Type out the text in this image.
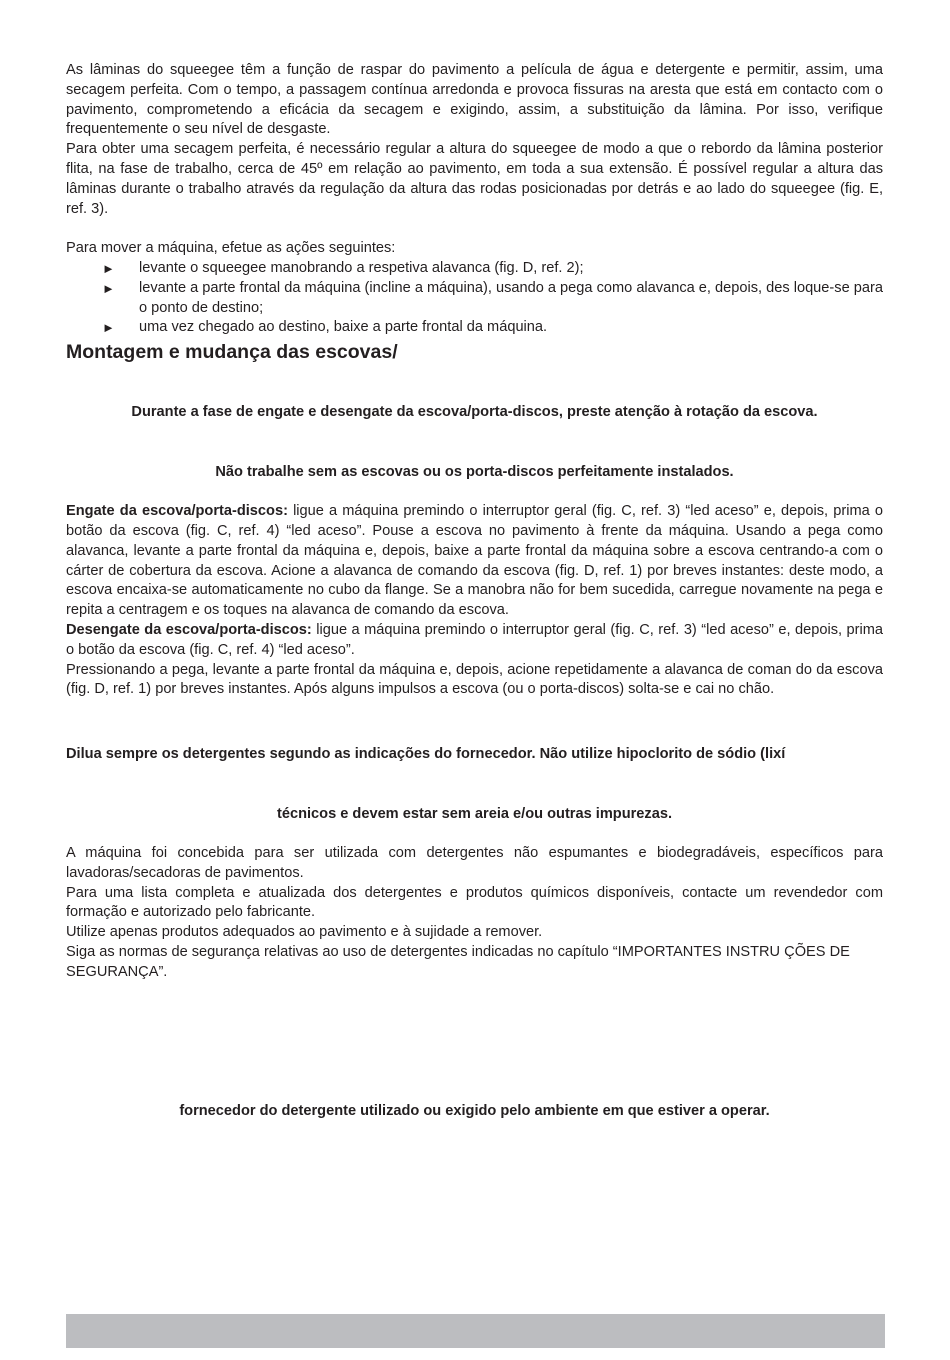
As lâminas do squeegee têm a função de raspar do pavimento a película de água e detergente e permitir, assim, uma secagem perfeita. Com o tempo, a passagem contínua arredonda e provoca fissuras na aresta que está em contacto com o pavimento, comprometendo a eficácia da secagem e exigindo, assim, a substituição da lâmina. Por isso, verifique frequentemente o seu nível de desgaste.

Para obter uma secagem perfeita, é necessário regular a altura do squeegee de modo a que o rebordo da lâmina posterior flita, na fase de trabalho, cerca de 45º em relação ao pavimento, em toda a sua extensão. É possível regular a altura das lâminas durante o trabalho através da regulação da altura das rodas posicionadas por detrás e ao lado do squeegee (fig. E, ref. 3).

Para mover a máquina, efetue as ações seguintes:

► levante o squeegee manobrando a respetiva alavanca (fig. D, ref. 2);
► levante a parte frontal da máquina (incline a máquina), usando a pega como alavanca e, depois, des loque-se para o ponto de destino;
► uma vez chegado ao destino, baixe a parte frontal da máquina.
Montagem e mudança das escovas/

Durante a fase de engate e desengate da escova/porta-discos, preste atenção à rotação da escova.

Não trabalhe sem as escovas ou os porta-discos perfeitamente instalados.

Engate da escova/porta-discos: ligue a máquina premindo o interruptor geral (fig. C, ref. 3) “led aceso” e, depois, prima o botão da escova (fig. C, ref. 4) “led aceso”. Pouse a escova no pavimento à frente da máquina. Usando a pega como alavanca, levante a parte frontal da máquina e, depois, baixe a parte frontal da máquina sobre a escova centrando-a com o cárter de cobertura da escova. Acione a alavanca de comando da escova (fig. D, ref. 1) por breves instantes: deste modo, a escova encaixa-se automaticamente no cubo da flange. Se a manobra não for bem sucedida, carregue novamente na pega e repita a centragem e os toques na alavanca de comando da escova.

Desengate da escova/porta-discos: ligue a máquina premindo o interruptor geral (fig. C, ref. 3) “led aceso” e, depois, prima o botão da escova (fig. C, ref. 4) “led aceso”.

Pressionando a pega, levante a parte frontal da máquina e, depois, acione repetidamente a alavanca de coman do da escova (fig. D, ref. 1) por breves instantes. Após alguns impulsos a escova (ou o porta-discos) solta-se e cai no chão.

Dilua sempre os detergentes segundo as indicações do fornecedor. Não utilize hipoclorito de sódio (lixí

técnicos e devem estar sem areia e/ou outras impurezas.

A máquina foi concebida para ser utilizada com detergentes não espumantes e biodegradáveis, específicos para lavadoras/secadoras de pavimentos.

Para uma lista completa e atualizada dos detergentes e produtos químicos disponíveis, contacte um revendedor com formação e autorizado pelo fabricante.

Utilize apenas produtos adequados ao pavimento e à sujidade a remover.

Siga as normas de segurança relativas ao uso de detergentes indicadas no capítulo “IMPORTANTES INSTRU ÇÕES DE SEGURANÇA”.

fornecedor do detergente utilizado ou exigido pelo ambiente em que estiver a operar.
